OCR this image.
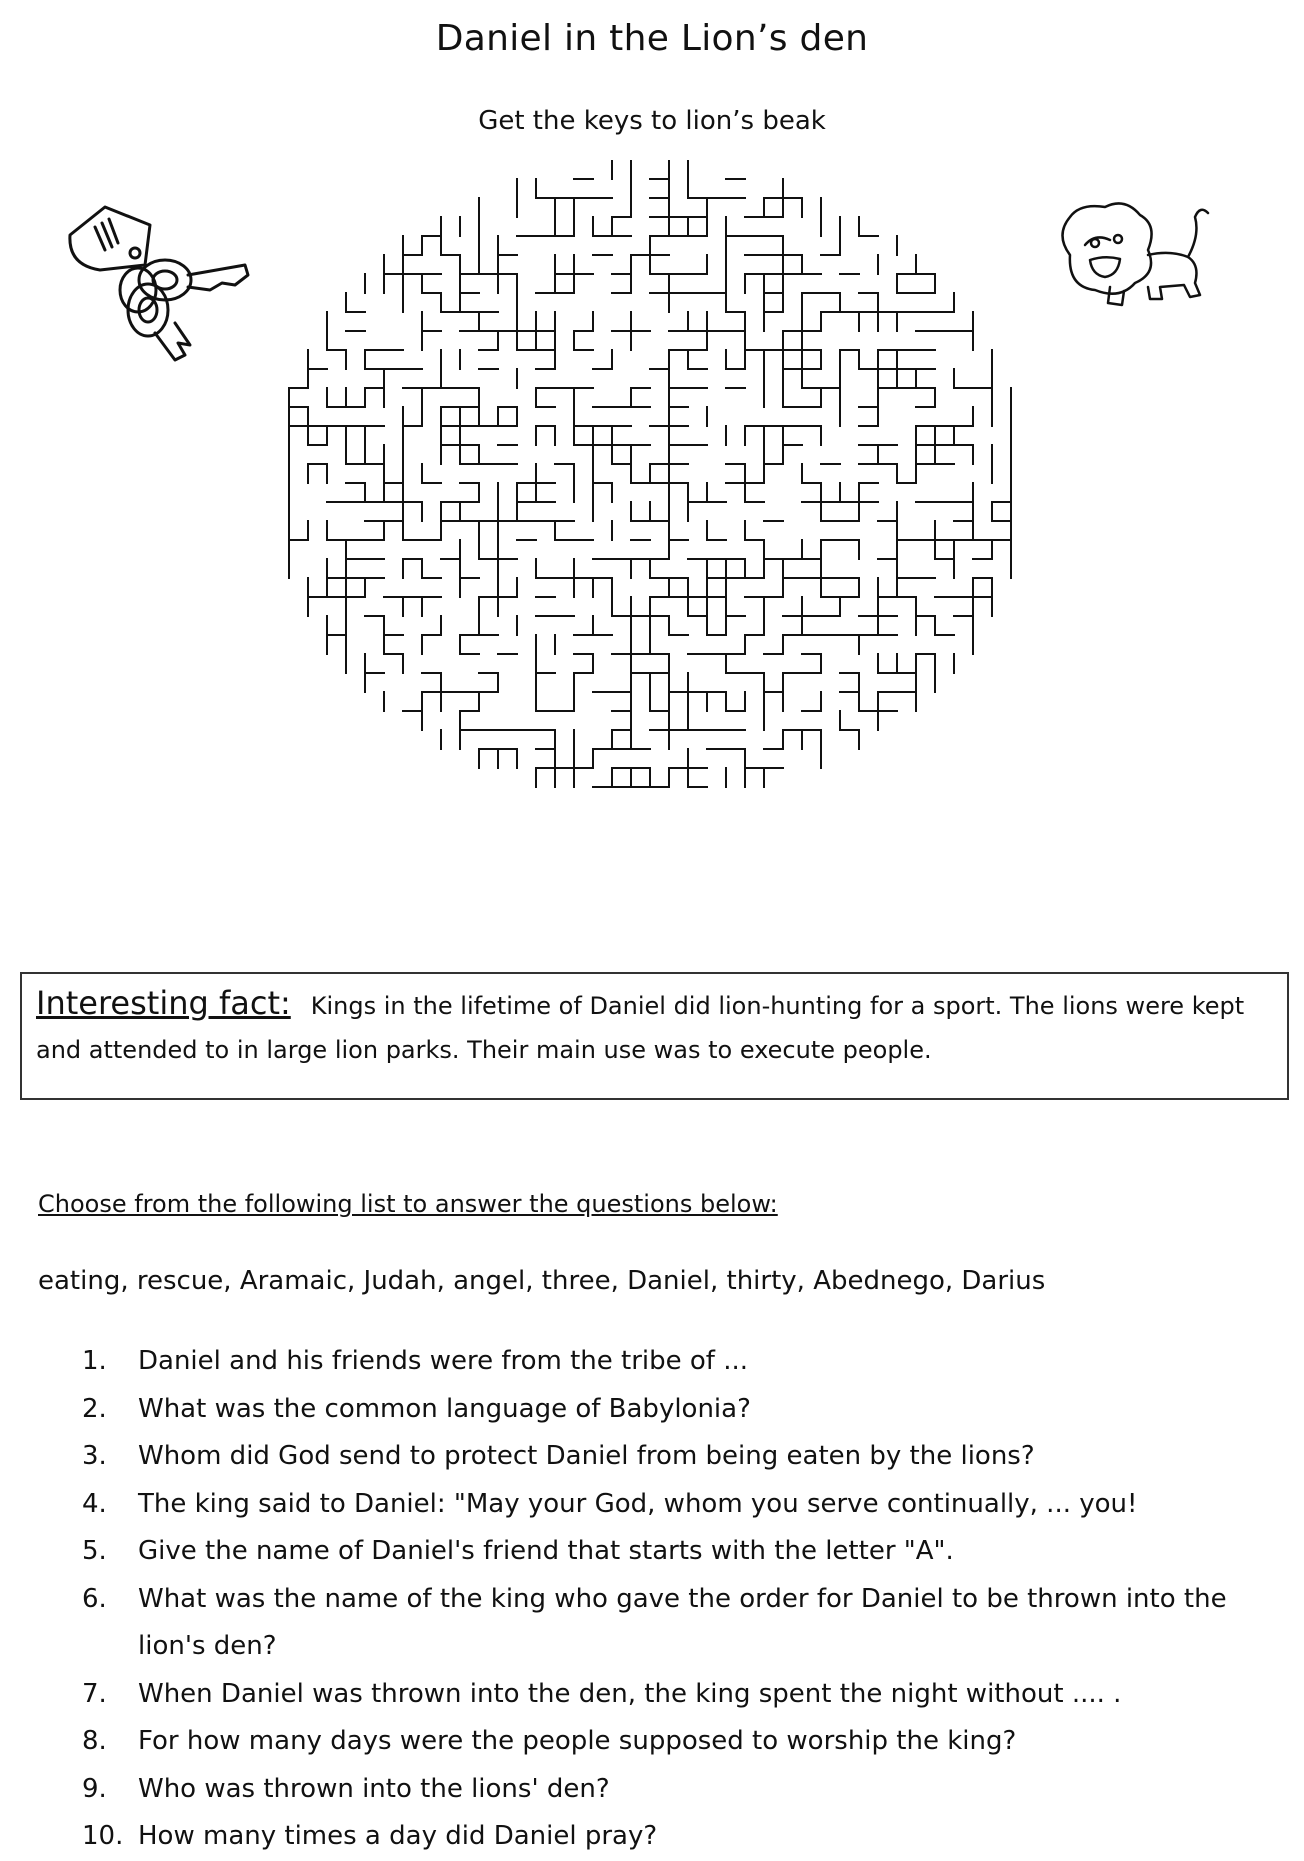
Daniel in the Lion’s den
Get the keys to lion’s beak
Interesting fact: Kings in the lifetime of Daniel did lion-hunting for a sport. The lions were kept and attended to in large lion parks. Their main use was to execute people.
Choose from the following list to answer the questions below:
eating, rescue, Aramaic, Judah, angel, three, Daniel, thirty, Abednego, Darius
1.	Daniel and his friends were from the tribe of ...
2.	What was the common language of Babylonia?
3.	Whom did God send to protect Daniel from being eaten by the lions?
4.	The king said to Daniel: "May your God, whom you serve continually, ... you!
5.	Give the name of Daniel's friend that starts with the letter "A".
6.	What was the name of the king who gave the order for Daniel to be thrown into the lion's den?
7.	When Daniel was thrown into the den, the king spent the night without .... .
8.	For how many days were the people supposed to worship the king?
9.	Who was thrown into the lions' den?
10. How many times a day did Daniel pray?
